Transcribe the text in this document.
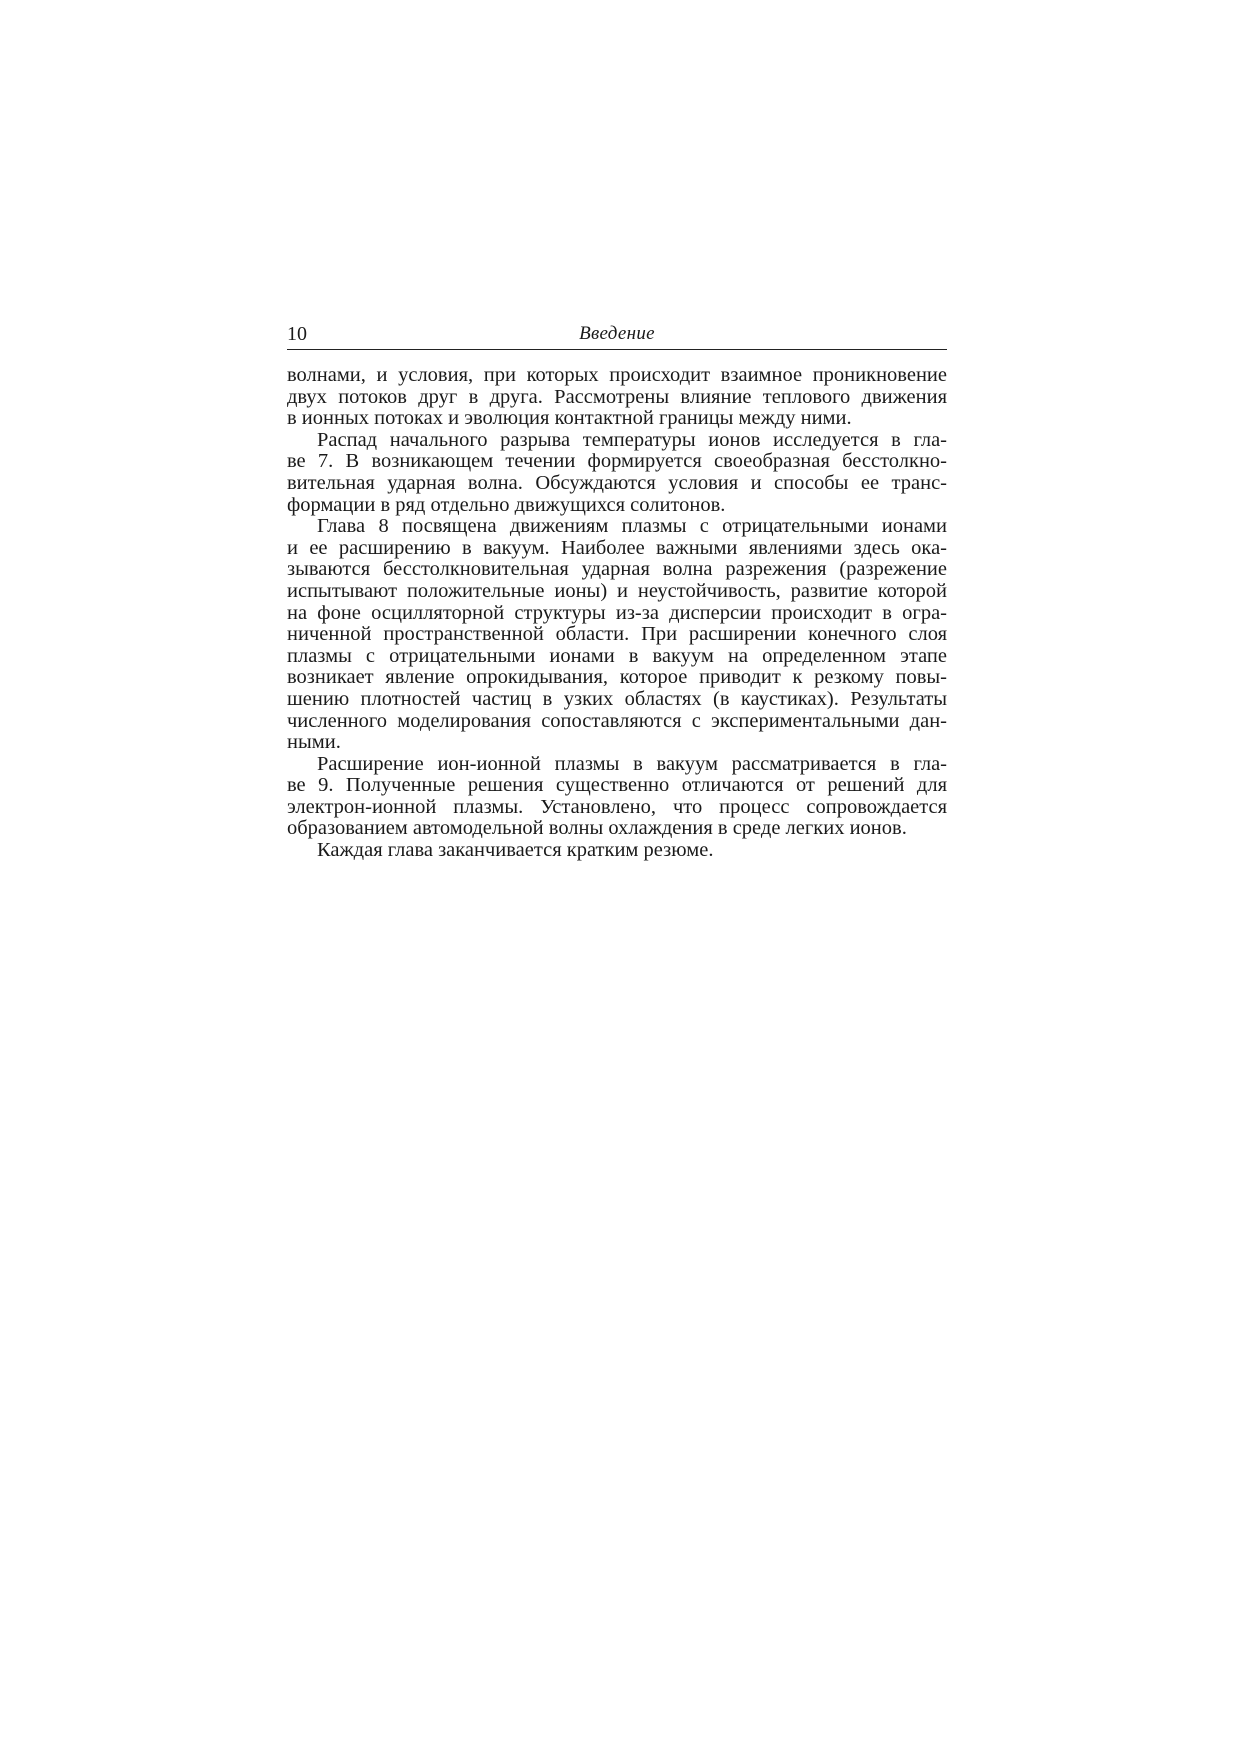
10	Введение

волнами, и условия, при которых происходит взаимное проникновение
двух потоков друг в друга. Рассмотрены влияние теплового движения
в ионных потоках и эволюция контактной границы между ними.

Распад начального разрыва температуры ионов исследуется в гла-
ве 7. В возникающем течении формируется своеобразная бесстолкно-
вительная ударная волна. Обсуждаются условия и способы ее транс-
формации в ряд отдельно движущихся солитонов.

Глава 8 посвящена движениям плазмы с отрицательными ионами
и ее расширению в вакуум. Наиболее важными явлениями здесь ока-
зываются бесстолкновительная ударная волна разрежения (разрежение
испытывают положительные ионы) и неустойчивость, развитие которой
на фоне осцилляторной структуры из-за дисперсии происходит в огра-
ниченной пространственной области. При расширении конечного слоя
плазмы с отрицательными ионами в вакуум на определенном этапе
возникает явление опрокидывания, которое приводит к резкому повы-
шению плотностей частиц в узких областях (в каустиках). Результаты
численного моделирования сопоставляются с экспериментальными дан-
ными.

Расширение ион-ионной плазмы в вакуум рассматривается в гла-
ве 9. Полученные решения существенно отличаются от решений для
электрон-ионной плазмы. Установлено, что процесс сопровождается
образованием автомодельной волны охлаждения в среде легких ионов.

Каждая глава заканчивается кратким резюме.
